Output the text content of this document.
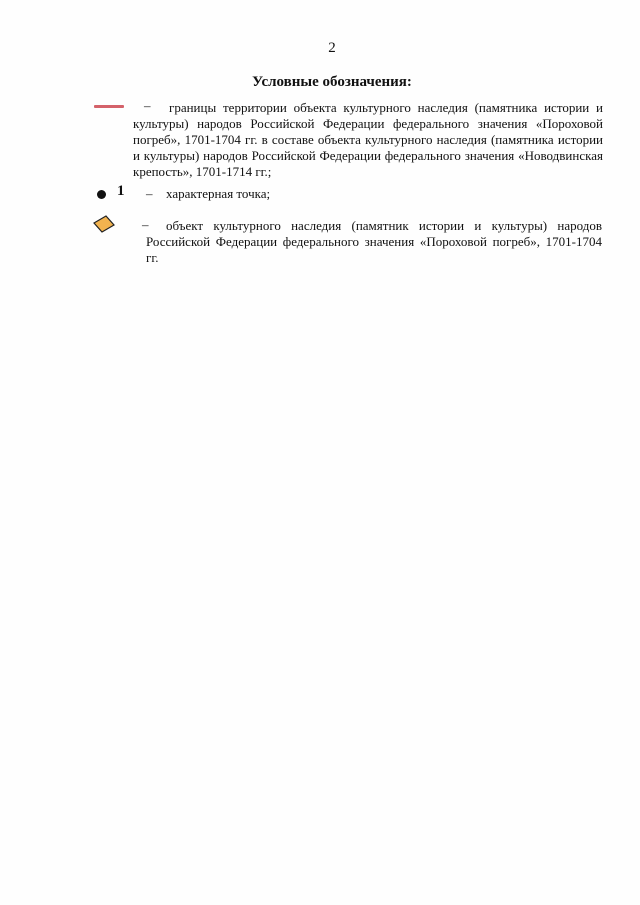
2
Условные обозначения:
–	границы территории объекта культурного наследия (памятника истории и культуры) народов Российской Федерации федерального значения «Пороховой погреб», 1701-1704 гг. в составе объекта культурного наследия (памятника истории и культуры) народов Российской Федерации федерального значения «Новодвинская крепость», 1701-1714 гг.;
1 – характерная точка;
–	объект культурного наследия (памятник истории и культуры) народов Российской Федерации федерального значения «Пороховой погреб», 1701-1704 гг.
